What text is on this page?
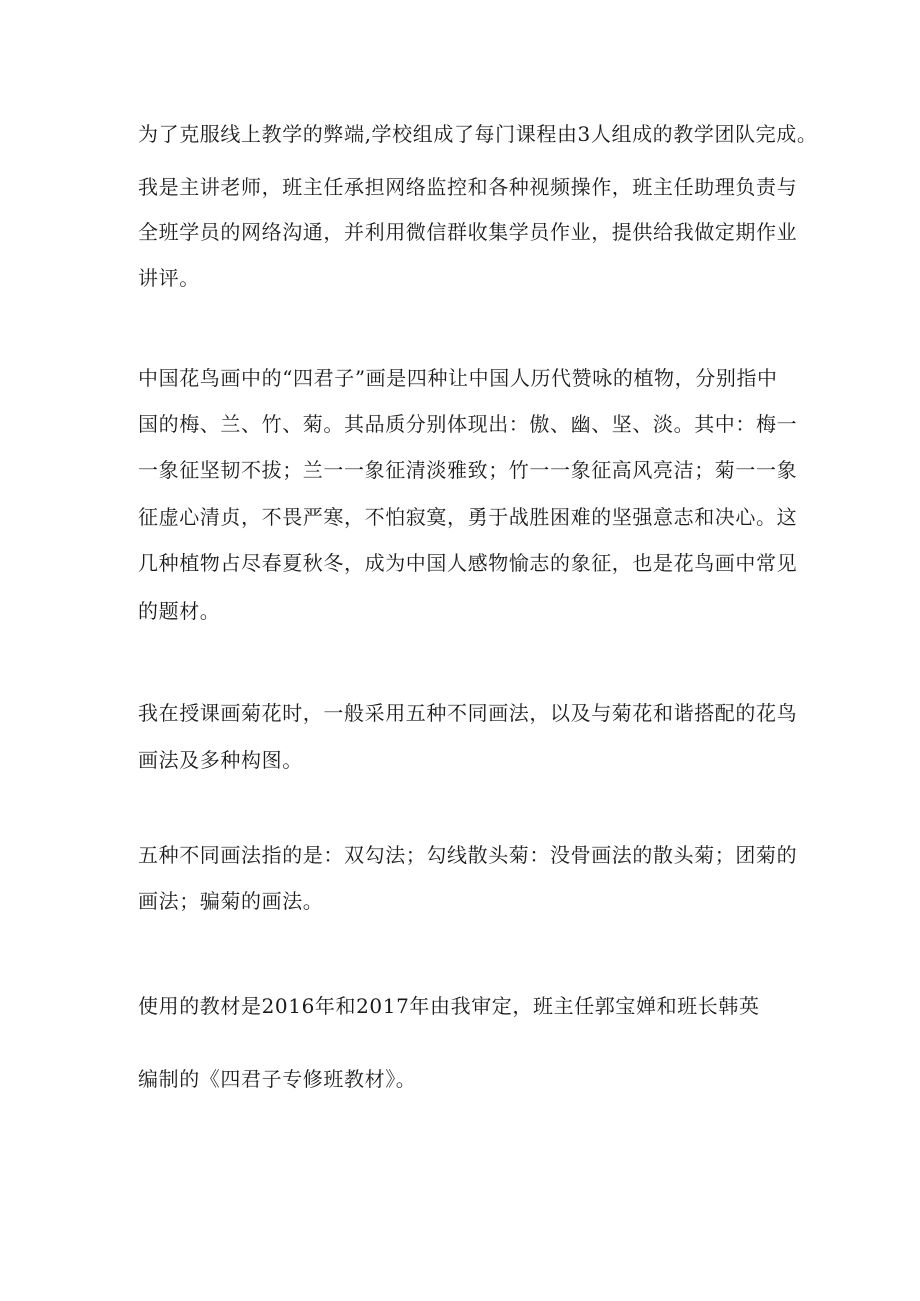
为了克服线上教学的弊端,学校组成了每门课程由3人组成的教学团队完成。
我是主讲老师，班主任承担网络监控和各种视频操作，班主任助理负责与
全班学员的网络沟通，并利用微信群收集学员作业，提供给我做定期作业
讲评。
中国花鸟画中的“四君子”画是四种让中国人历代赞咏的植物，分别指中
国的梅、兰、竹、菊。其品质分别体现出：傲、幽、坚、淡。其中：梅一
一象征坚韧不拔；兰一一象征清淡雅致；竹一一象征高风亮洁；菊一一象
征虚心清贞，不畏严寒，不怕寂寞，勇于战胜困难的坚强意志和决心。这
几种植物占尽春夏秋冬，成为中国人感物愉志的象征，也是花鸟画中常见
的题材。
我在授课画菊花时，一般采用五种不同画法，以及与菊花和谐搭配的花鸟
画法及多种构图。
五种不同画法指的是：双勾法；勾线散头菊：没骨画法的散头菊；团菊的
画法；骗菊的画法。
使用的教材是2016年和2017年由我审定，班主任郭宝婵和班长韩英
编制的《四君子专修班教材》。
